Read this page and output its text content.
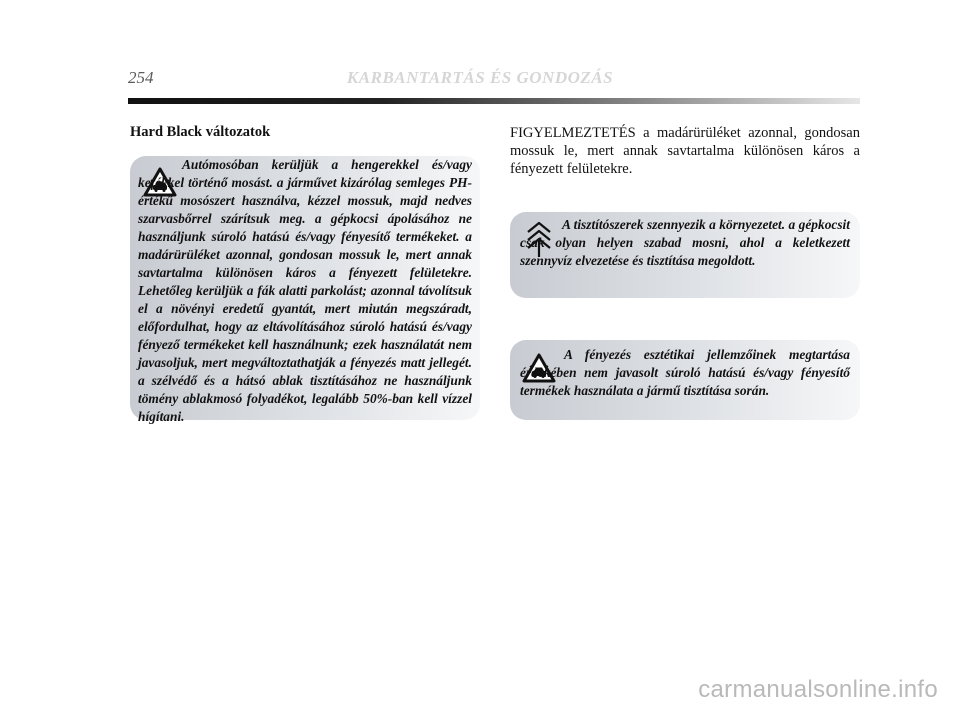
254	KARBANTARTÁS ÉS GONDOZÁS
Hard Black változatok
Autómosóban kerüljük a hengerekkel és/vagy kefékkel történő mosást. a járművet kizárólag semleges PH-értékű mosószert használva, kézzel mossuk, majd nedves szarvasbőrrel szárítsuk meg. a gépkocsi ápolásához ne használjunk súroló hatású és/vagy fényesítő termékeket. a madárürüléket azonnal, gondosan mossuk le, mert annak savtartalma különösen káros a fényezett felületekre. Lehetőleg kerüljük a fák alatti parkolást; azonnal távolítsuk el a növényi eredetű gyantát, mert miután megszáradt, előfordulhat, hogy az eltávolításához súroló hatású és/vagy fényező termékeket kell használnunk; ezek használatát nem javasoljuk, mert megváltoztathatják a fényezés matt jellegét. a szélvédő és a hátsó ablak tisztításához ne használjunk tömény ablakmosó folyadékot, legalább 50%-ban kell vízzel hígítani.
FIGYELMEZTETÉS a madárürüléket azonnal, gondosan mossuk le, mert annak savtartalma különösen káros a fényezett felületekre.
A tisztítószerek szennyezik a környezetet. a gépkocsit csak olyan helyen szabad mosni, ahol a keletkezett szennyvíz elvezetése és tisztítása megoldott.
A fényezés esztétikai jellemzőinek megtartása érdekében nem javasolt súroló hatású és/vagy fényesítő termékek használata a jármű tisztítása során.
carmanualsonline.info
